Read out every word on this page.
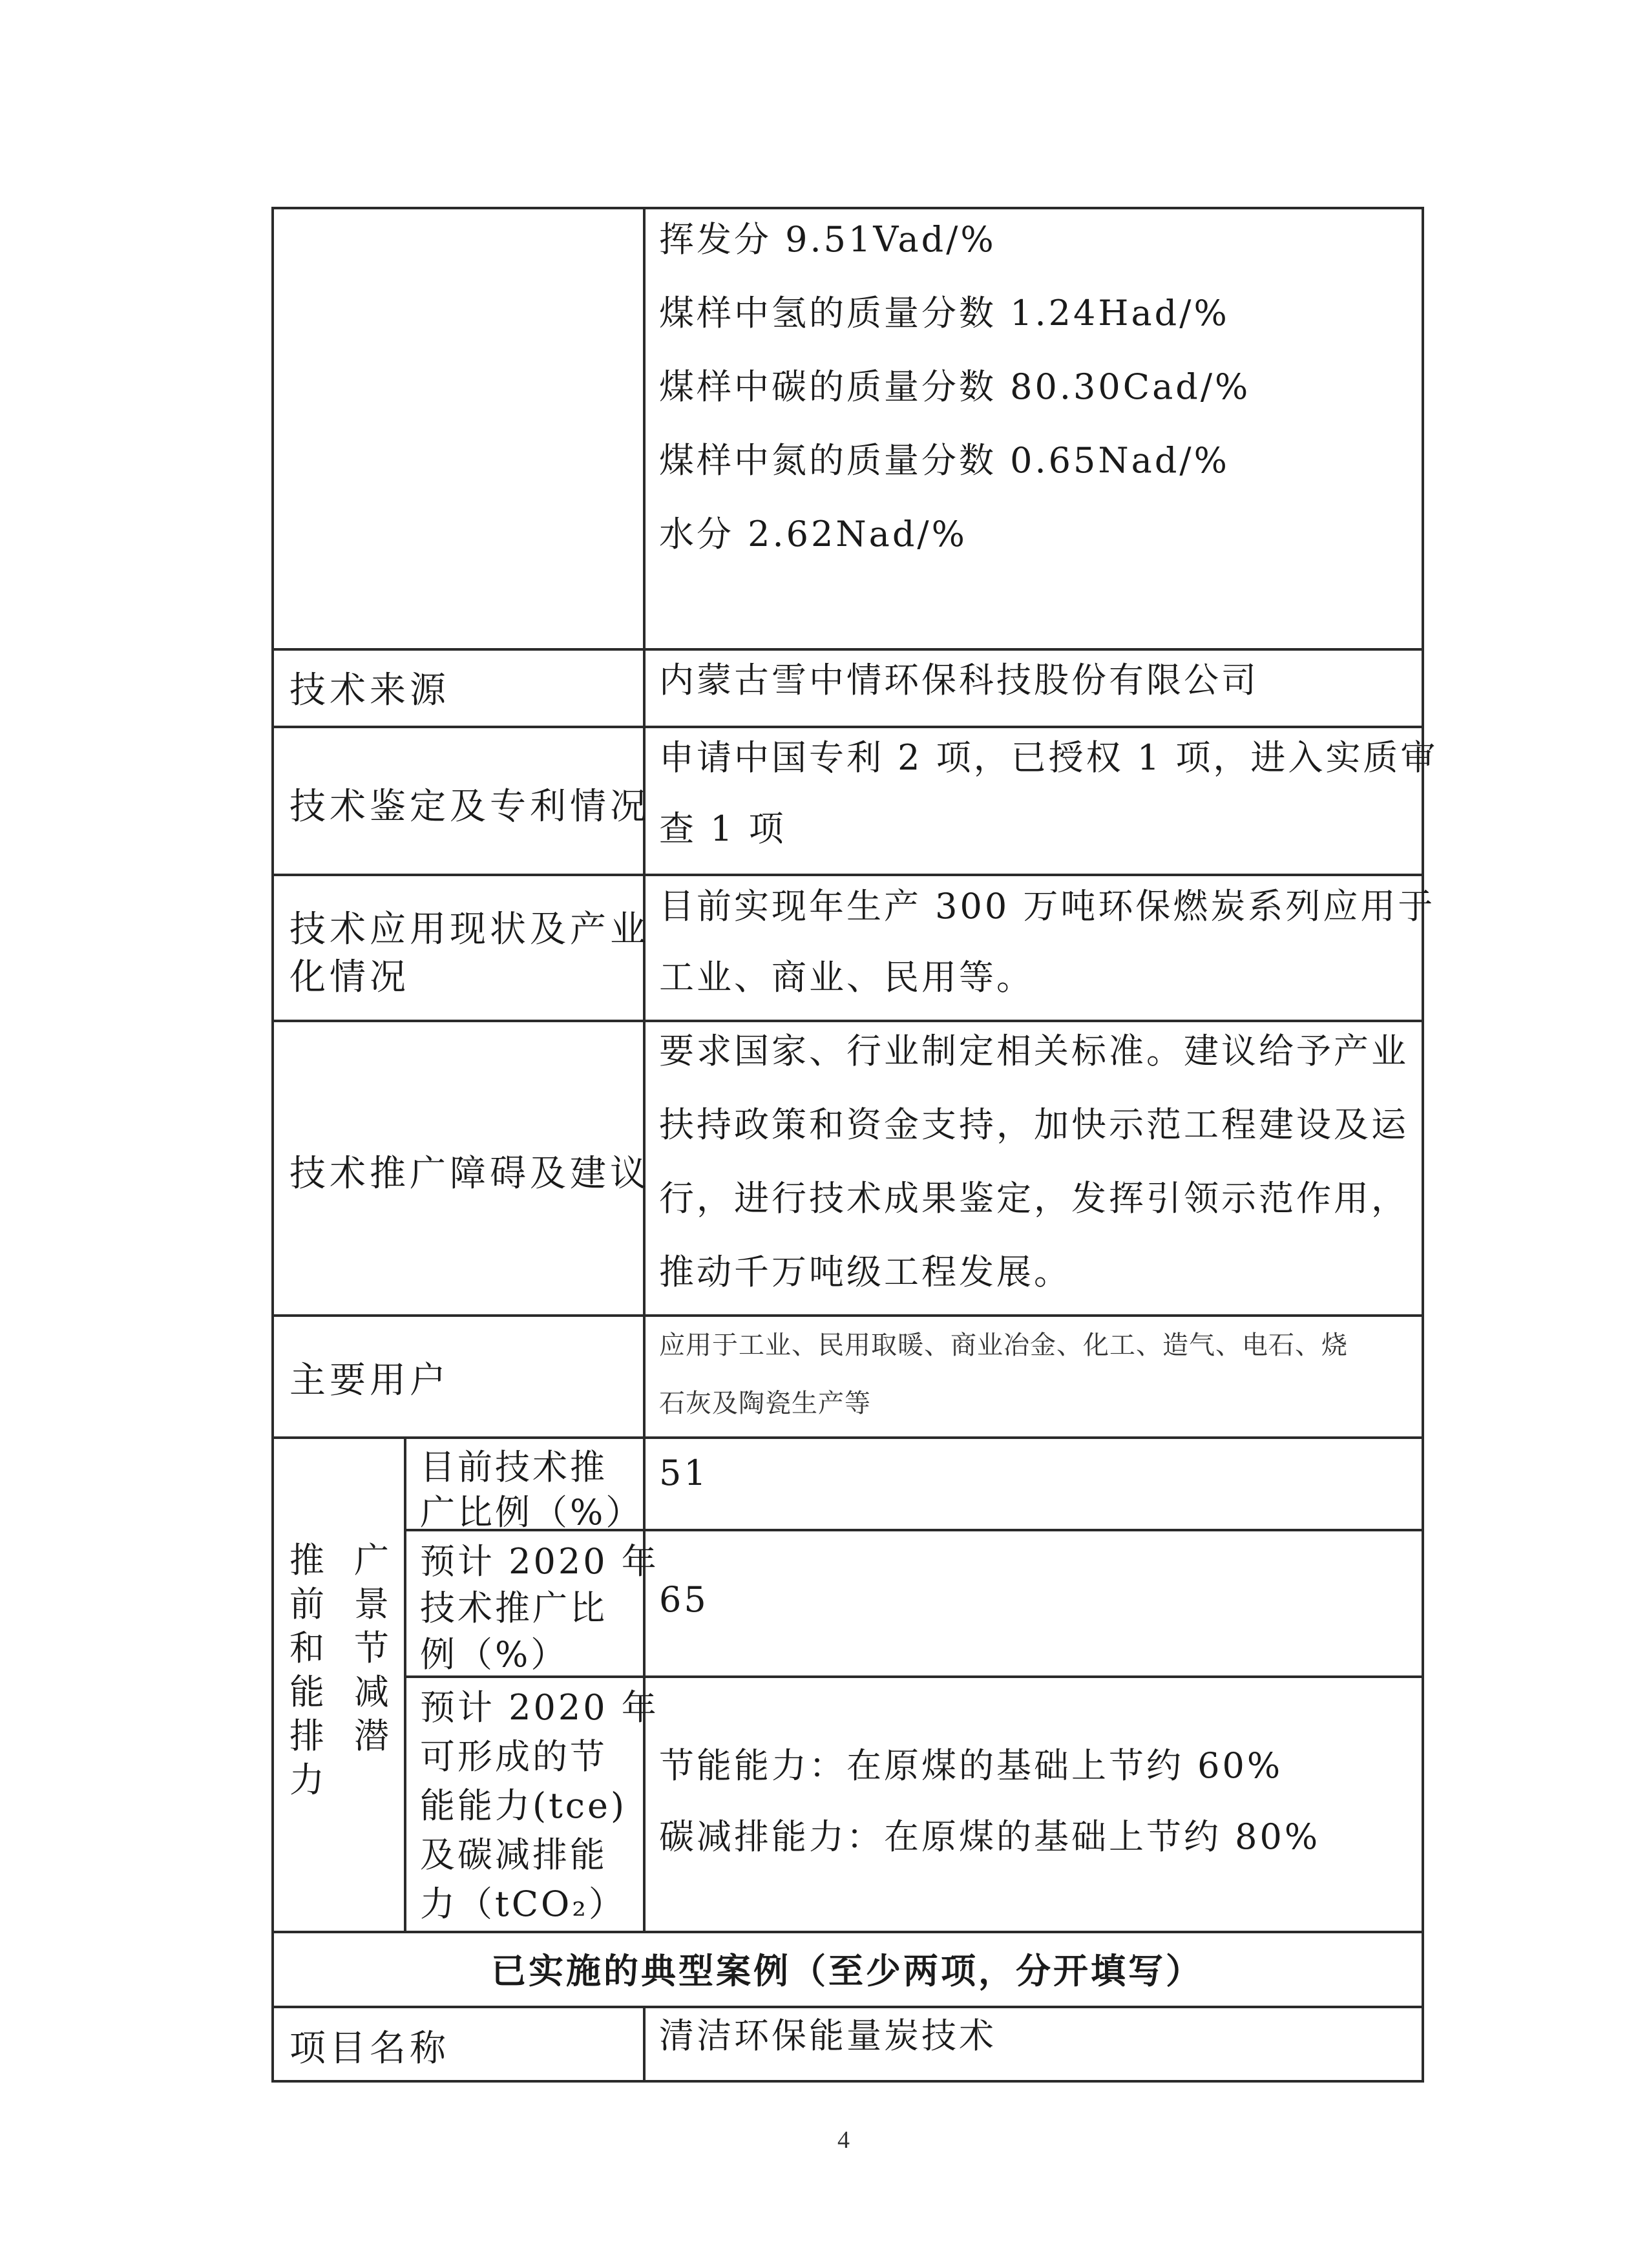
挥发分 9.51Vad/%
煤样中氢的质量分数 1.24Had/%
煤样中碳的质量分数 80.30Cad/%
煤样中氮的质量分数 0.65Nad/%
水分 2.62Nad/%
技术来源	内蒙古雪中情环保科技股份有限公司
技术鉴定及专利情况
申请中国专利 2 项，已授权 1 项，进入实质审
查 1 项
技术应用现状及产业
化情况
目前实现年生产 300 万吨环保燃炭系列应用于
工业、商业、民用等。
技术推广障碍及建议
要求国家、行业制定相关标准。建议给予产业
扶持政策和资金支持，加快示范工程建设及运
行，进行技术成果鉴定，发挥引领示范作用，
推动千万吨级工程发展。
主要用户
应用于工业、民用取暖、商业冶金、化工、造气、电石、烧
石灰及陶瓷生产等
推
前
和
能
排
力
广
景
节
减
潜
目前技术推
广比例（%）
51
预计 2020 年
技术推广比
例（%）
65
预计 2020 年
可形成的节
能能力(tce)
及碳减排能
力（tCO₂）
节能能力：在原煤的基础上节约 60%
碳减排能力：在原煤的基础上节约 80%
已实施的典型案例（至少两项，分开填写）
项目名称	清洁环保能量炭技术
4
